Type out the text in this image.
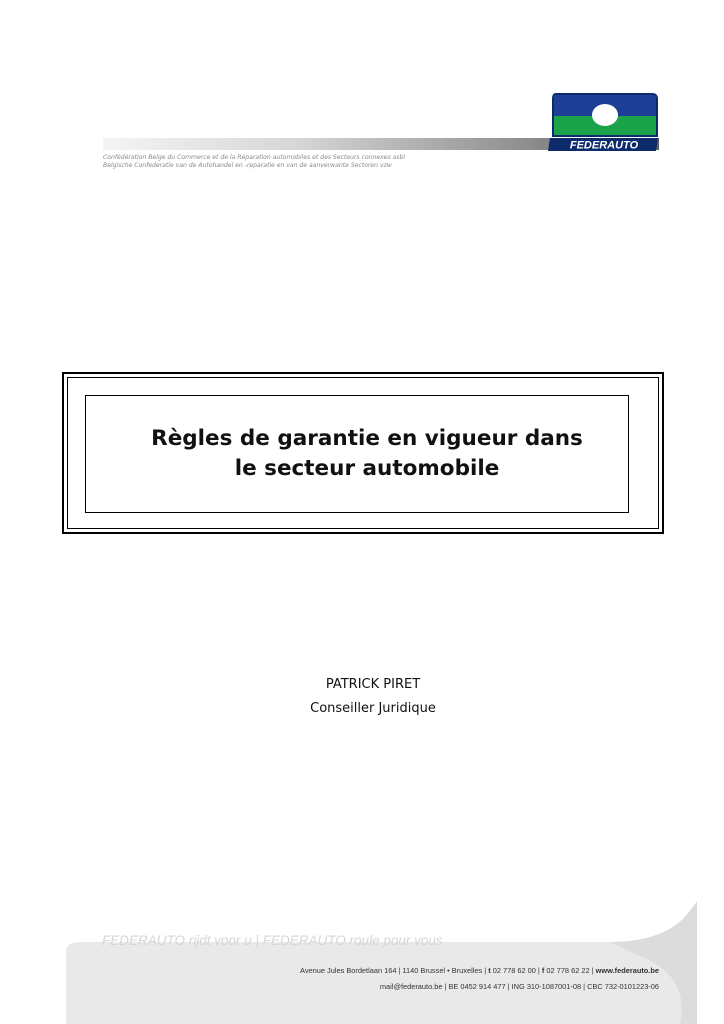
Confédération Belge du Commerce et de la Réparation automobiles et des Secteurs connexes asbl
Belgische Confederatie van de Autohandel en -reparatie en van de aanverwante Sectoren vzw
FEDERAUTO
Règles de garantie en vigueur dans
le secteur automobile
PATRICK PIRET
Conseiller Juridique
FEDERAUTO rijdt voor u | FEDERAUTO roule pour vous
Avenue Jules Bordetlaan 164 | 1140 Brussel • Bruxelles | t 02 778 62 00 | f 02 778 62 22 | www.federauto.be
mail@federauto.be | BE 0452 914 477 | ING 310-1087001-08 | CBC 732-0101223-06
